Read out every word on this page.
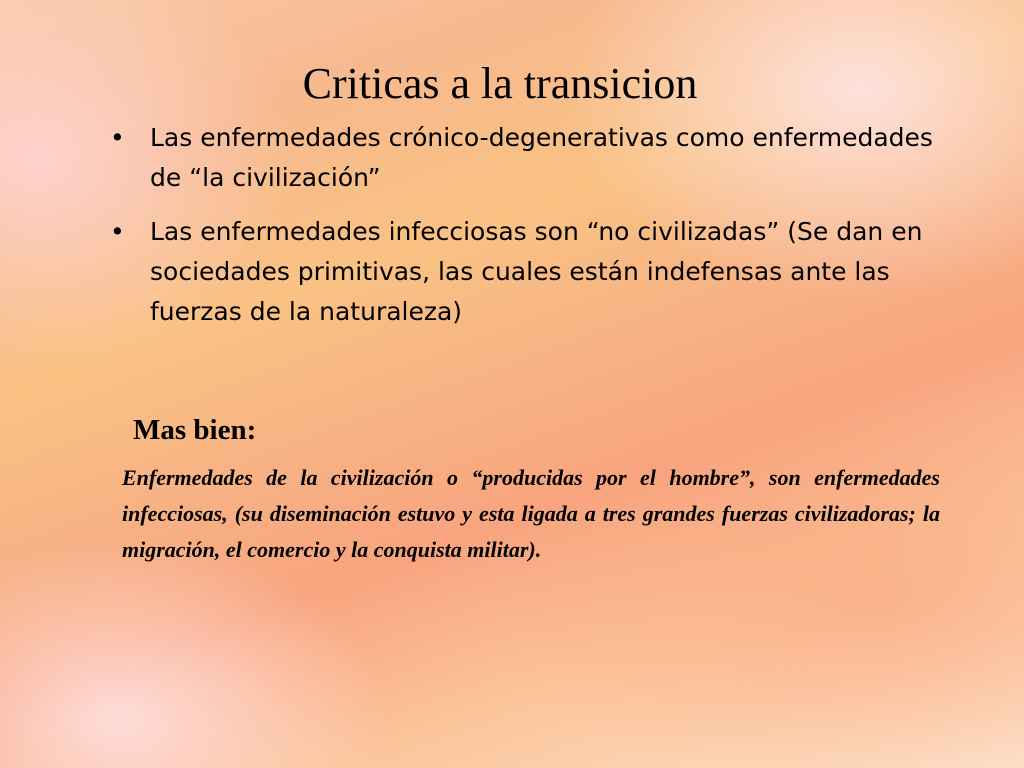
Criticas a la transicion
• Las enfermedades crónico-degenerativas como enfermedades de “la civilización”
• Las enfermedades infecciosas son “no civilizadas” (Se dan en sociedades primitivas, las cuales están indefensas ante las fuerzas de la naturaleza)
Mas bien:

Enfermedades de la civilización o “producidas por el hombre”, son enfermedades infecciosas, (su diseminación estuvo y esta ligada a tres grandes fuerzas civilizadoras; la migración, el comercio y la conquista militar).
